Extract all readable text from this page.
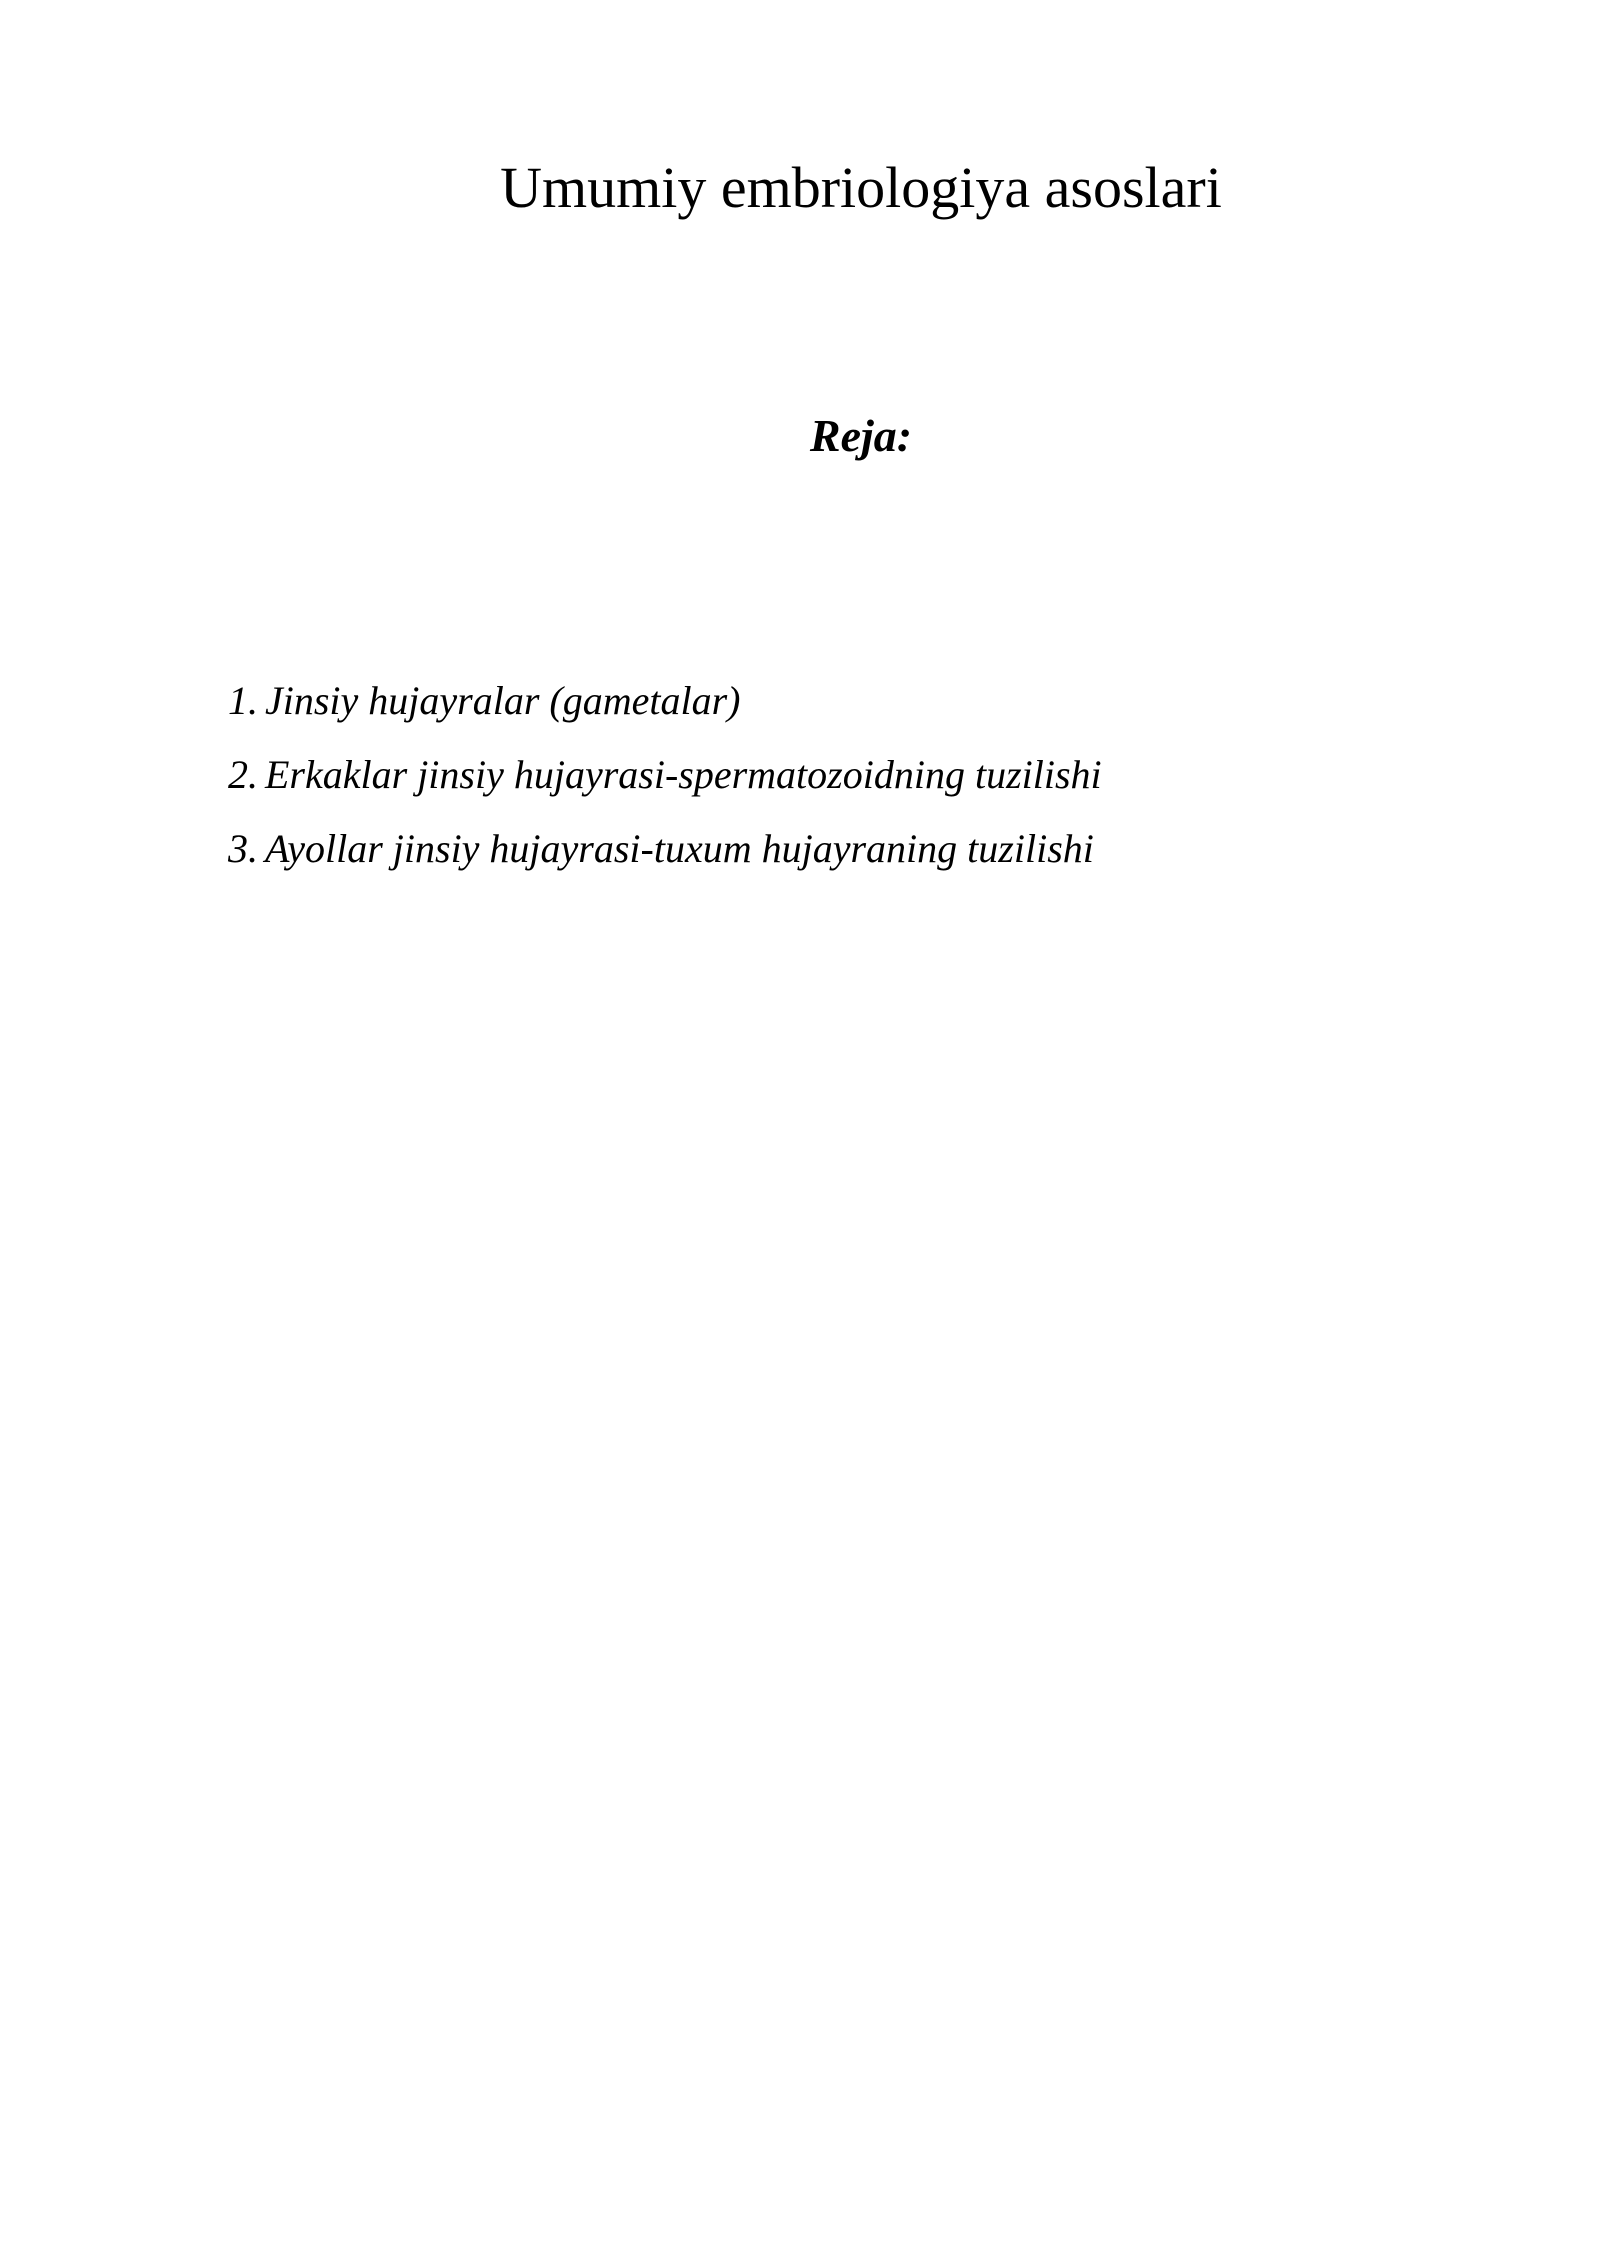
Umumiy embriologiya asoslari
Reja:
1. Jinsiy hujayralar (gametalar)
2. Erkaklar jinsiy hujayrasi-spermatozoidning tuzilishi
3. Ayollar jinsiy hujayrasi-tuxum hujayraning tuzilishi
